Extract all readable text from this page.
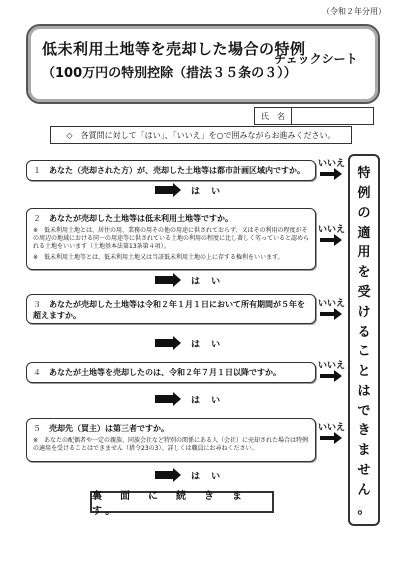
（令和２年分用）
低未利用土地等を売却した場合の特例
（100万円の特別控除（措法３５条の３））
チェックシート
氏　名
◇　各質問に対して「はい」、「いいえ」を○で囲みながらお進みください。
１　 あなた（売却された方）が、売却した土地等は都市計画区域内ですか。
いいえ
は い
２　 あなたが売却した土地等は低未利用土地等ですか。
※　低未利用土地とは、居住の用、業務の用その他の用途に供されておらず、又はその利用の程度がその周辺の地域における同一の用途等に供されている土地の利用の程度に比し著しく劣っていると認められる土地をいいます（土地基本法第13条第４項）。
※　低未利用土地等とは、低未利用土地又は当該低未利用土地の上に存する権利をいいます。
いいえ
は い
３　 あなたが売却した土地等は令和２年１月１日において所有期間が５年を超えますか。
いいえ
は い
４　 あなたが土地等を売却したのは、令和２年７月１日以降ですか。
いいえ
は い
５　 売却先（買主）は第三者ですか。
※　あなたの配偶者や一定の親族、同族会社など特別の関係にある人（会社）に売却された場合は特例の適用を受けることはできません（措令23の3）。詳しくは職員にお尋ねください。
いいえ
は い
裏　面　に　続　き　ま　す。
特
例
の
適
用
を
受
け
る
こ
と
は
で
き
ま
せ
ん
。
